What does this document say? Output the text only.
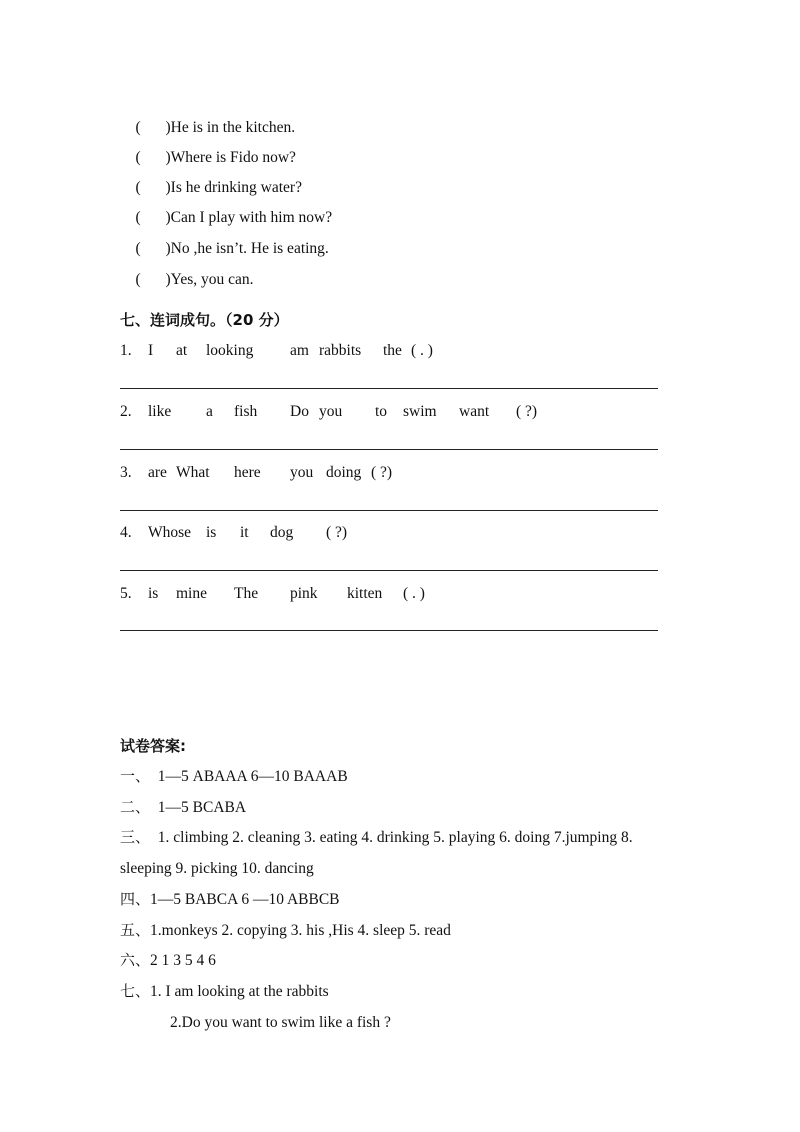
( )He is in the kitchen.

( )Where is Fido now?

( )Is he drinking water?

( )Can I play with him now?

( )No ,he isn’t. He is eating.

( )Yes, you can.

七、连词成句。（20 分）
1. I at looking am rabbits the ( . )
2. like a fish Do you to swim want ( ?)
3. are What here you doing ( ?)
4. Whose is it dog ( ?)
5. is mine The pink kitten ( . )
试卷答案:
一、  1—5 ABAAA 6—10 BAAAB
二、  1—5 BCABA
三、  1. climbing 2. cleaning 3. eating 4. drinking 5. playing 6. doing 7.jumping 8.
sleeping 9. picking 10. dancing
四、1—5 BABCA 6 —10 ABBCB
五、1.monkeys 2. copying 3. his ,His 4. sleep 5. read
六、2 1 3 5 4 6
七、1. I am looking at the rabbits
2.Do you want to swim like a fish ?
